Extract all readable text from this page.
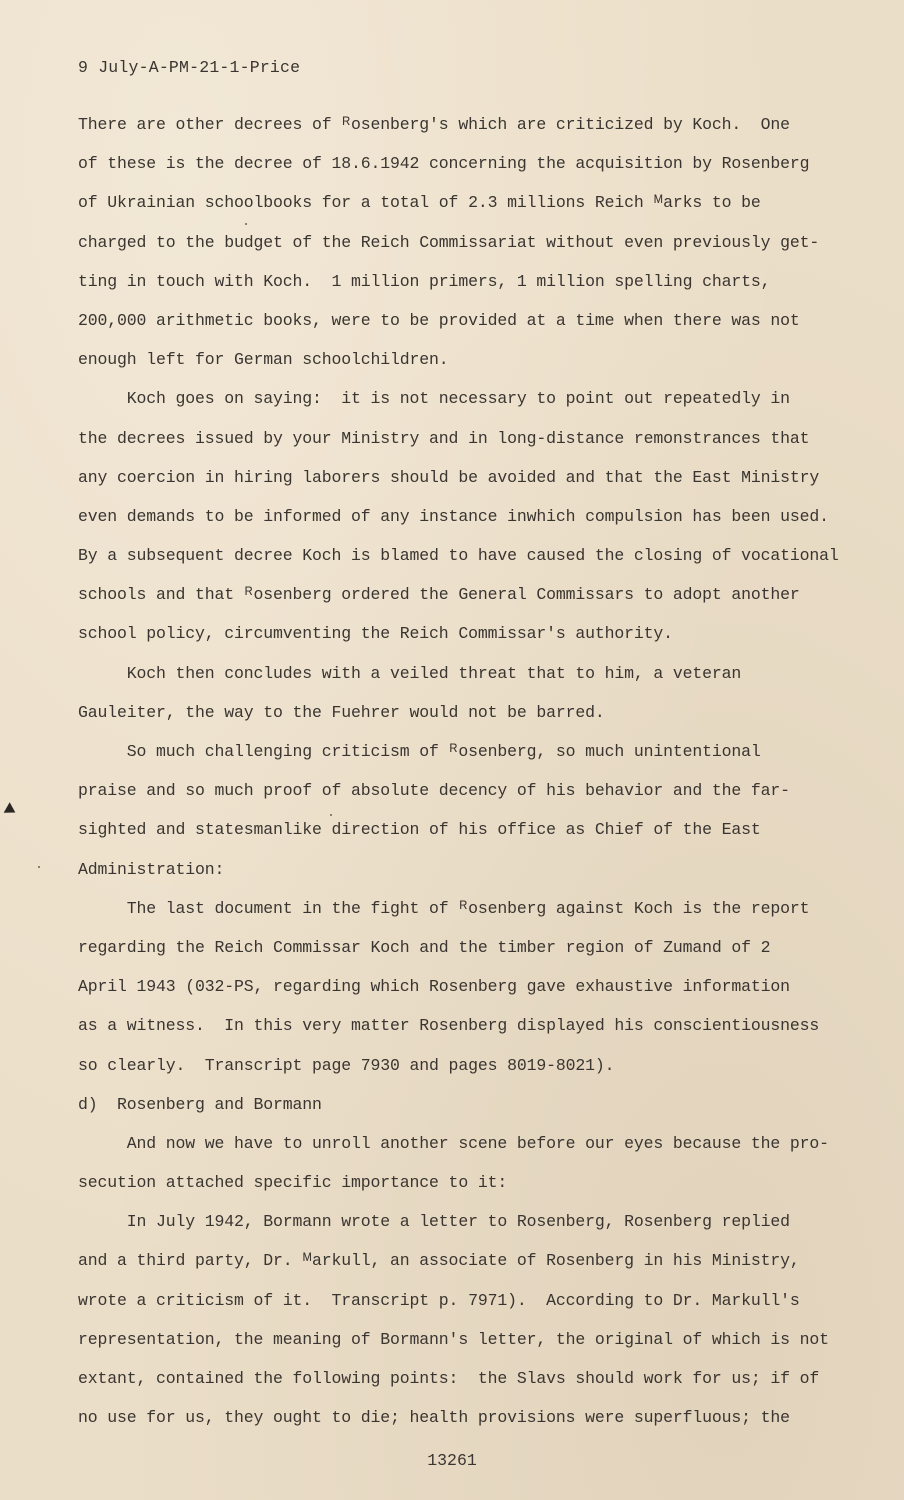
9 July-A-PM-21-1-Price
There are other decrees of ᴿosenberg's which are criticized by Koch.  One
of these is the decree of 18.6.1942 concerning the acquisition by Rosenberg
of Ukrainian schoolbooks for a total of 2.3 millions Reich ᴹarks to be
charged to the budget of the Reich Commissariat without even previously get-
ting in touch with Koch.  1 million primers, 1 million spelling charts,
200,000 arithmetic books, were to be provided at a time when there was not
enough left for German schoolchildren.
Koch goes on saying:  it is not necessary to point out repeatedly in
the decrees issued by your Ministry and in long-distance remonstrances that
any coercion in hiring laborers should be avoided and that the East Ministry
even demands to be informed of any instance inwhich compulsion has been used.
By a subsequent decree Koch is blamed to have caused the closing of vocational
schools and that ᴿosenberg ordered the General Commissars to adopt another
school policy, circumventing the Reich Commissar's authority.
Koch then concludes with a veiled threat that to him, a veteran
Gauleiter, the way to the Fuehrer would not be barred.
So much challenging criticism of ᴿosenberg, so much unintentional
praise and so much proof of absolute decency of his behavior and the far-
sighted and statesmanlike direction of his office as Chief of the East
Administration:
The last document in the fight of ᴿosenberg against Koch is the report
regarding the Reich Commissar Koch and the timber region of Zumand of 2
April 1943 (032-PS, regarding which Rosenberg gave exhaustive information
as a witness.  In this very matter Rosenberg displayed his conscientiousness
so clearly.  Transcript page 7930 and pages 8019-8021).
d)  Rosenberg and Bormann
And now we have to unroll another scene before our eyes because the pro-
secution attached specific importance to it:
In July 1942, Bormann wrote a letter to Rosenberg, Rosenberg replied
and a third party, Dr. ᴹarkull, an associate of Rosenberg in his Ministry,
wrote a criticism of it.  Transcript p. 7971).  According to Dr. Markull's
representation, the meaning of Bormann's letter, the original of which is not
extant, contained the following points:  the Slavs should work for us; if of
no use for us, they ought to die; health provisions were superfluous; the
13261
